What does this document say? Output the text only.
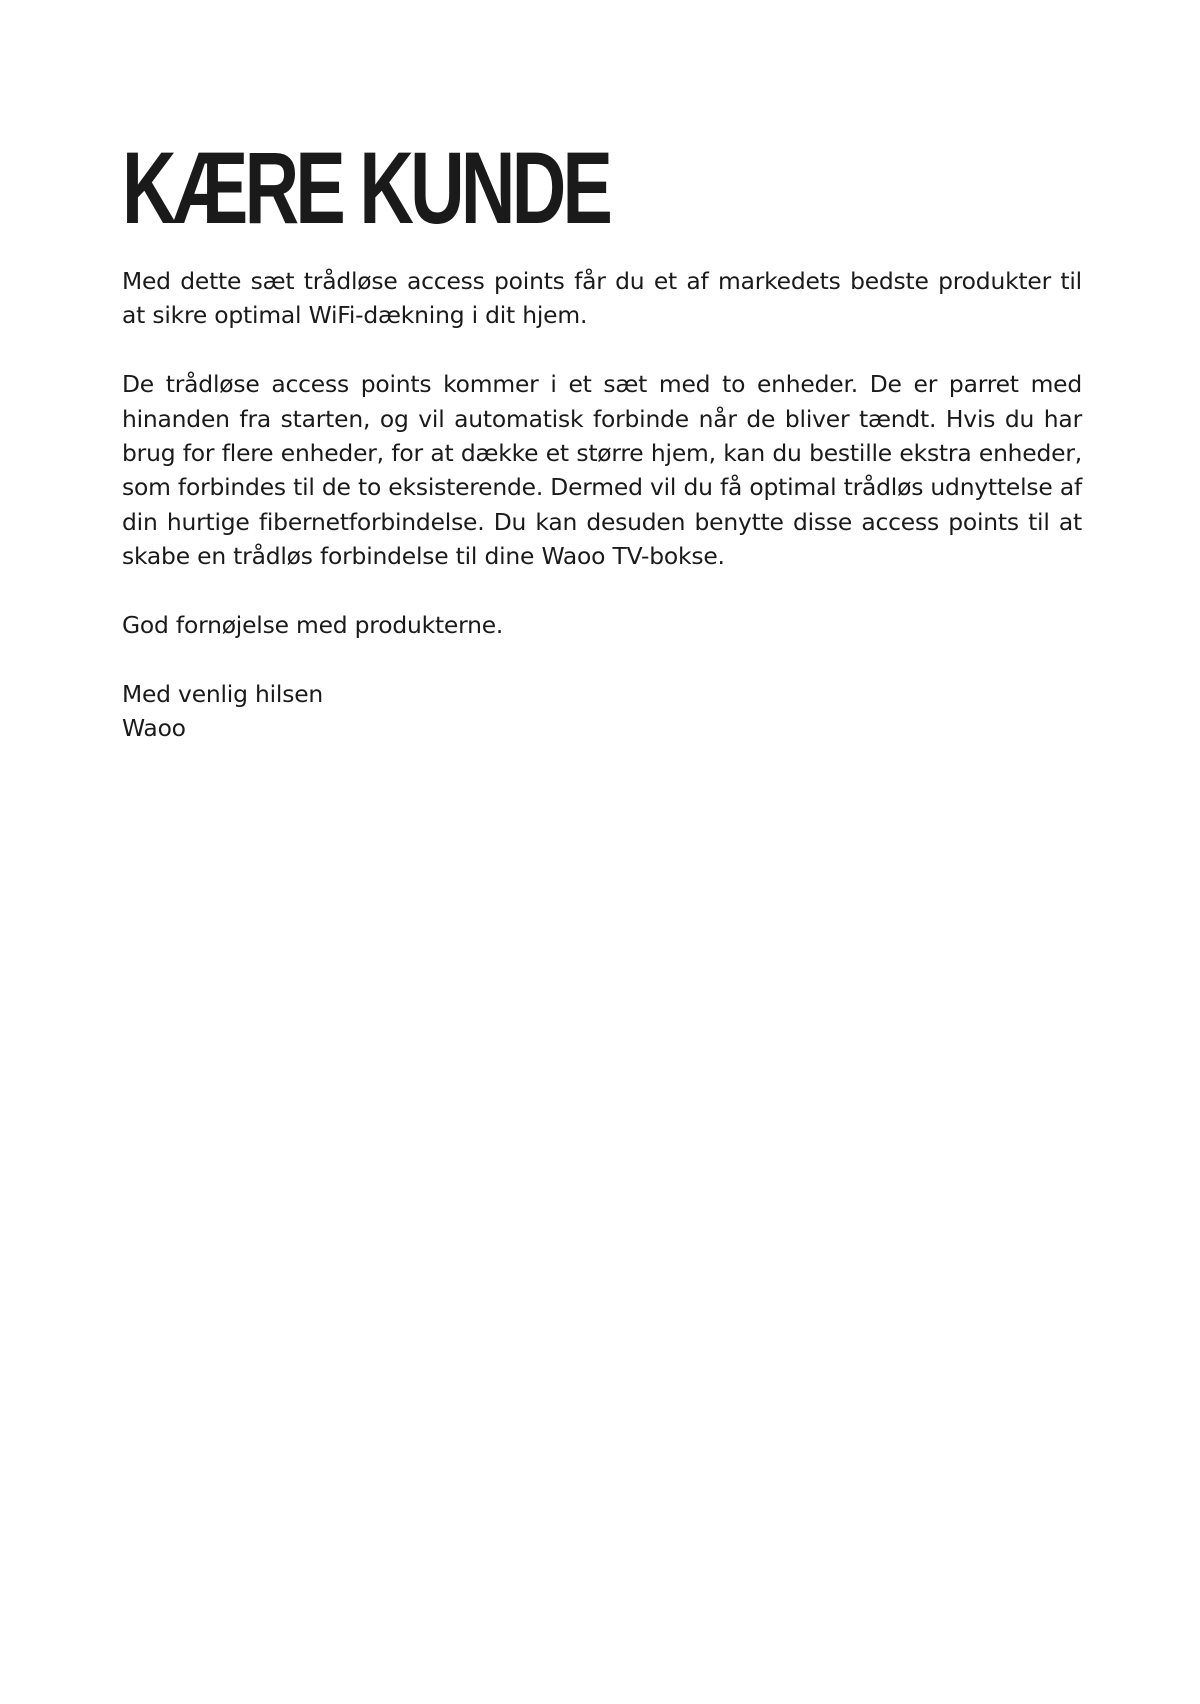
KÆRE KUNDE

Med dette sæt trådløse access points får du et af markedets bedste produkter til at sikre optimal WiFi-dækning i dit hjem.

De trådløse access points kommer i et sæt med to enheder. De er parret med hinanden fra starten, og vil automatisk forbinde når de bliver tændt. Hvis du har brug for flere enheder, for at dække et større hjem, kan du bestille ekstra enheder, som forbindes til de to eksisterende. Dermed vil du få optimal trådløs udnyttelse af din hurtige fibernetforbindelse. Du kan desuden benytte disse access points til at skabe en trådløs forbindelse til dine Waoo TV-bokse.

God fornøjelse med produkterne.

Med venlig hilsen
Waoo
